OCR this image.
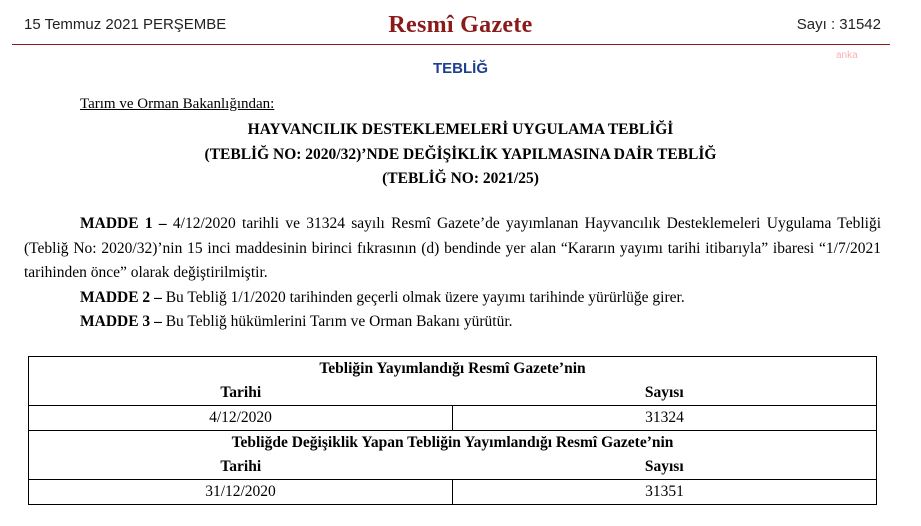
15 Temmuz 2021 PERŞEMBE	Resmî Gazete	Sayı : 31542
anka
TEBLİĞ
Tarım ve Orman Bakanlığından:
HAYVANCILIK DESTEKLEMELERİ UYGULAMA TEBLİĞİ
(TEBLİĞ NO: 2020/32)’NDE DEĞİŞİKLİK YAPILMASINA DAİR TEBLİĞ
(TEBLİĞ NO: 2021/25)

MADDE 1 – 4/12/2020 tarihli ve 31324 sayılı Resmî Gazete’de yayımlanan Hayvancılık Desteklemeleri Uygulama Tebliği (Tebliğ No: 2020/32)’nin 15 inci maddesinin birinci fıkrasının (d) bendinde yer alan “Kararın yayımı tarihi itibarıyla” ibaresi “1/7/2021 tarihinden önce” olarak değiştirilmiştir.

MADDE 2 – Bu Tebliğ 1/1/2020 tarihinden geçerli olmak üzere yayımı tarihinde yürürlüğe girer.

MADDE 3 – Bu Tebliğ hükümlerini Tarım ve Orman Bakanı yürütür.

Tebliğin Yayımlandığı Resmî Gazete’nin	
Tarihi	Sayısı
4/12/2020	31324
Tebliğde Değişiklik Yapan Tebliğin Yayımlandığı Resmî Gazete’nin	
Tarihi	Sayısı
31/12/2020	31351
